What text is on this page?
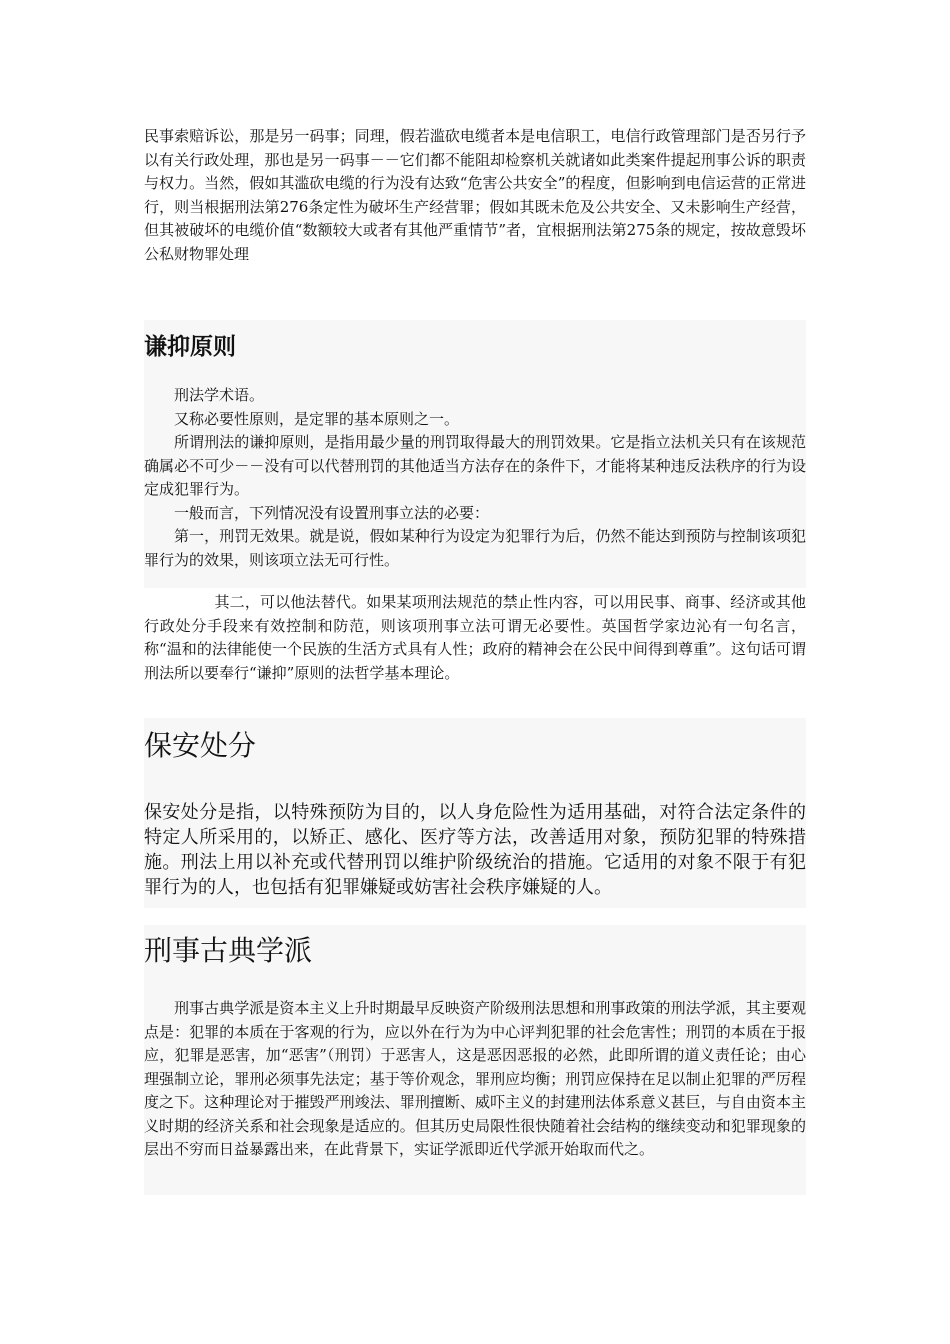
民事索赔诉讼，那是另一码事；同理，假若滥砍电缆者本是电信职工，电信行政管理部门是否另行予以有关行政处理，那也是另一码事－－它们都不能阻却检察机关就诸如此类案件提起刑事公诉的职责与权力。当然，假如其滥砍电缆的行为没有达致“危害公共安全”的程度，但影响到电信运营的正常进行，则当根据刑法第276条定性为破坏生产经营罪；假如其既未危及公共安全、又未影响生产经营，但其被破坏的电缆价值“数额较大或者有其他严重情节”者，宜根据刑法第275条的规定，按故意毁坏公私财物罪处理

谦抑原则

刑法学术语。

又称必要性原则，是定罪的基本原则之一。

所谓刑法的谦抑原则，是指用最少量的刑罚取得最大的刑罚效果。它是指立法机关只有在该规范确属必不可少－－没有可以代替刑罚的其他适当方法存在的条件下，才能将某种违反法秩序的行为设定成犯罪行为。

一般而言，下列情况没有设置刑事立法的必要：

第一，刑罚无效果。就是说，假如某种行为设定为犯罪行为后，仍然不能达到预防与控制该项犯罪行为的效果，则该项立法无可行性。

其二，可以他法替代。如果某项刑法规范的禁止性内容，可以用民事、商事、经济或其他行政处分手段来有效控制和防范，则该项刑事立法可谓无必要性。英国哲学家边沁有一句名言，称“温和的法律能使一个民族的生活方式具有人性；政府的精神会在公民中间得到尊重”。这句话可谓刑法所以要奉行“谦抑”原则的法哲学基本理论。

保安处分

保安处分是指，以特殊预防为目的，以人身危险性为适用基础，对符合法定条件的特定人所采用的，以矫正、感化、医疗等方法，改善适用对象，预防犯罪的特殊措施。刑法上用以补充或代替刑罚以维护阶级统治的措施。它适用的对象不限于有犯罪行为的人，也包括有犯罪嫌疑或妨害社会秩序嫌疑的人。

刑事古典学派

刑事古典学派是资本主义上升时期最早反映资产阶级刑法思想和刑事政策的刑法学派，其主要观点是：犯罪的本质在于客观的行为，应以外在行为为中心评判犯罪的社会危害性；刑罚的本质在于报应，犯罪是恶害，加“恶害”（刑罚）于恶害人，这是恶因恶报的必然，此即所谓的道义责任论；由心理强制立论，罪刑必须事先法定；基于等价观念，罪刑应均衡；刑罚应保持在足以制止犯罪的严厉程度之下。这种理论对于摧毁严刑竣法、罪刑擅断、威吓主义的封建刑法体系意义甚巨，与自由资本主义时期的经济关系和社会现象是适应的。但其历史局限性很快随着社会结构的继续变动和犯罪现象的层出不穷而日益暴露出来，在此背景下，实证学派即近代学派开始取而代之。
